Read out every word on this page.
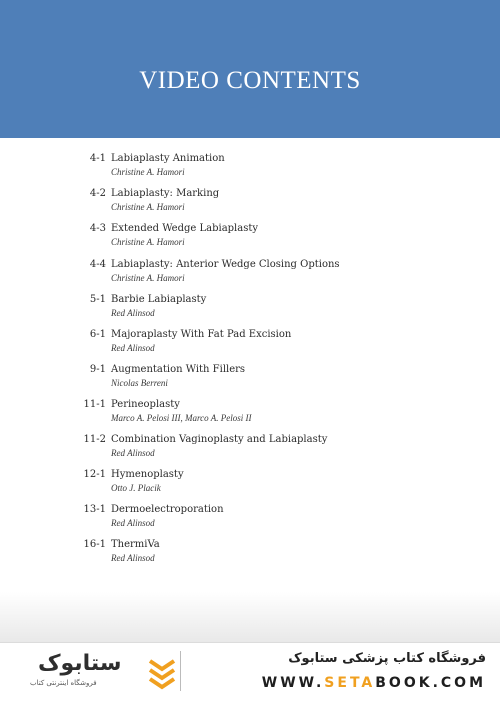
VIDEO CONTENTS
4-1 Labiaplasty Animation
Christine A. Hamori
4-2 Labiaplasty: Marking
Christine A. Hamori
4-3 Extended Wedge Labiaplasty
Christine A. Hamori
4-4 Labiaplasty: Anterior Wedge Closing Options
Christine A. Hamori
5-1 Barbie Labiaplasty
Red Alinsod
6-1 Majoraplasty With Fat Pad Excision
Red Alinsod
9-1 Augmentation With Fillers
Nicolas Berreni
11-1 Perineoplasty
Marco A. Pelosi III, Marco A. Pelosi II
11-2 Combination Vaginoplasty and Labiaplasty
Red Alinsod
12-1 Hymenoplasty
Otto J. Placik
13-1 Dermoelectroporation
Red Alinsod
16-1 ThermiVa
Red Alinsod
ستابوک
فروشگاه اینترنتی کتاب
فروشگاه کتاب پزشکی ستابوک
WWW.SETABOOK.COM
